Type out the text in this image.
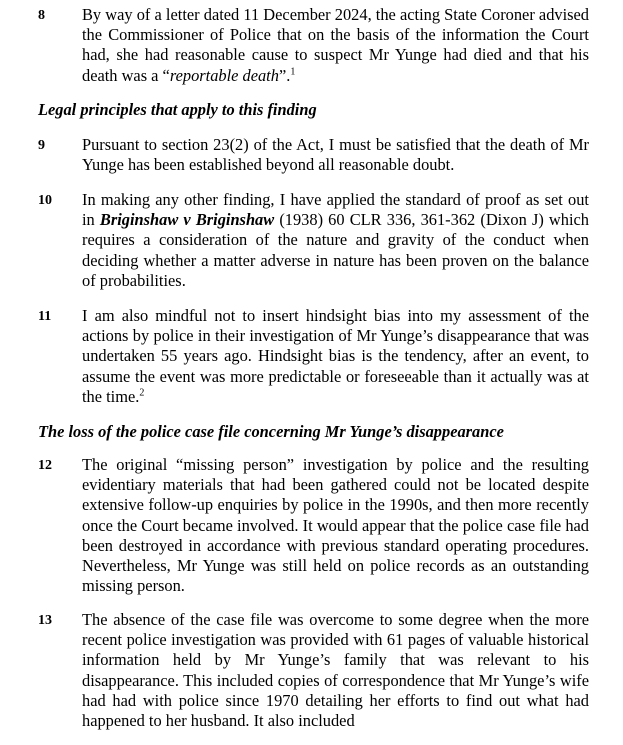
8 By way of a letter dated 11 December 2024, the acting State Coroner advised the Commissioner of Police that on the basis of the information the Court had, she had reasonable cause to suspect Mr Yunge had died and that his death was a “reportable death”.$^1$
Legal principles that apply to this finding
9 Pursuant to section 23(2) of the Act, I must be satisfied that the death of Mr Yunge has been established beyond all reasonable doubt.
10 In making any other finding, I have applied the standard of proof as set out in Briginshaw v Briginshaw (1938) 60 CLR 336, 361-362 (Dixon J) which requires a consideration of the nature and gravity of the conduct when deciding whether a matter adverse in nature has been proven on the balance of probabilities.
11 I am also mindful not to insert hindsight bias into my assessment of the actions by police in their investigation of Mr Yunge’s disappearance that was undertaken 55 years ago. Hindsight bias is the tendency, after an event, to assume the event was more predictable or foreseeable than it actually was at the time.$^2$
The loss of the police case file concerning Mr Yunge’s disappearance
12 The original “missing person” investigation by police and the resulting evidentiary materials that had been gathered could not be located despite extensive follow-up enquiries by police in the 1990s, and then more recently once the Court became involved. It would appear that the police case file had been destroyed in accordance with previous standard operating procedures. Nevertheless, Mr Yunge was still held on police records as an outstanding missing person.
13 The absence of the case file was overcome to some degree when the more recent police investigation was provided with 61 pages of valuable historical information held by Mr Yunge’s family that was relevant to his disappearance. This included copies of correspondence that Mr Yunge’s wife had had with police since 1970 detailing her efforts to find out what had happened to her husband. It also included
